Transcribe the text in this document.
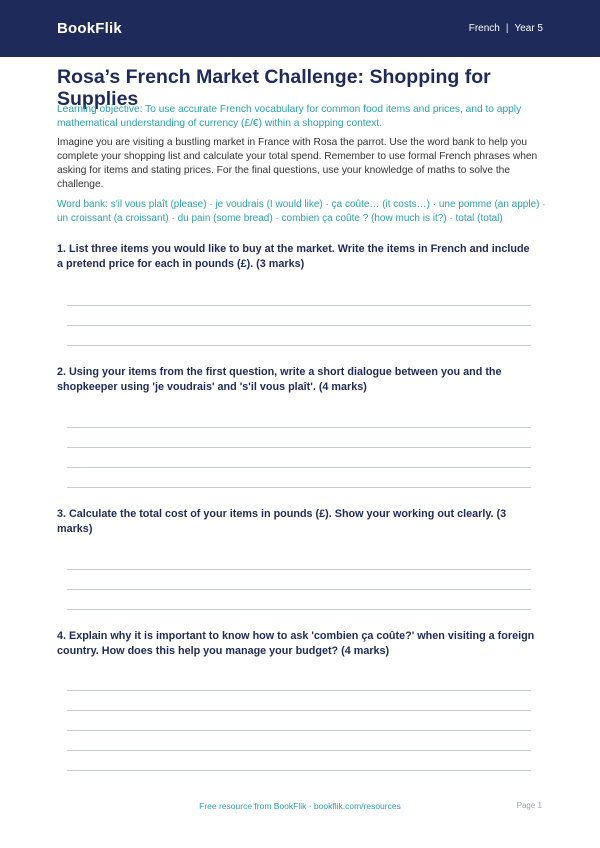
BookFlik	French | Year 5
Rosa’s French Market Challenge: Shopping for Supplies

Learning objective: To use accurate French vocabulary for common food items and prices, and to apply mathematical understanding of currency (£/€) within a shopping context.

Imagine you are visiting a bustling market in France with Rosa the parrot. Use the word bank to help you complete your shopping list and calculate your total spend. Remember to use formal French phrases when asking for items and stating prices. For the final questions, use your knowledge of maths to solve the challenge.

Word bank: s'il vous plaît (please) · je voudrais (I would like) · ça coûte… (it costs…) · une pomme (an apple) · un croissant (a croissant) · du pain (some bread) · combien ça coûte ? (how much is it?) · total (total)

1. List three items you would like to buy at the market. Write the items in French and include a pretend price for each in pounds (£). (3 marks)

2. Using your items from the first question, write a short dialogue between you and the shopkeeper using 'je voudrais' and 's'il vous plaît'. (4 marks)

3. Calculate the total cost of your items in pounds (£). Show your working out clearly. (3 marks)

4. Explain why it is important to know how to ask 'combien ça coûte?' when visiting a foreign country. How does this help you manage your budget? (4 marks)

Free resource from BookFlik · bookflik.com/resources	Page 1
